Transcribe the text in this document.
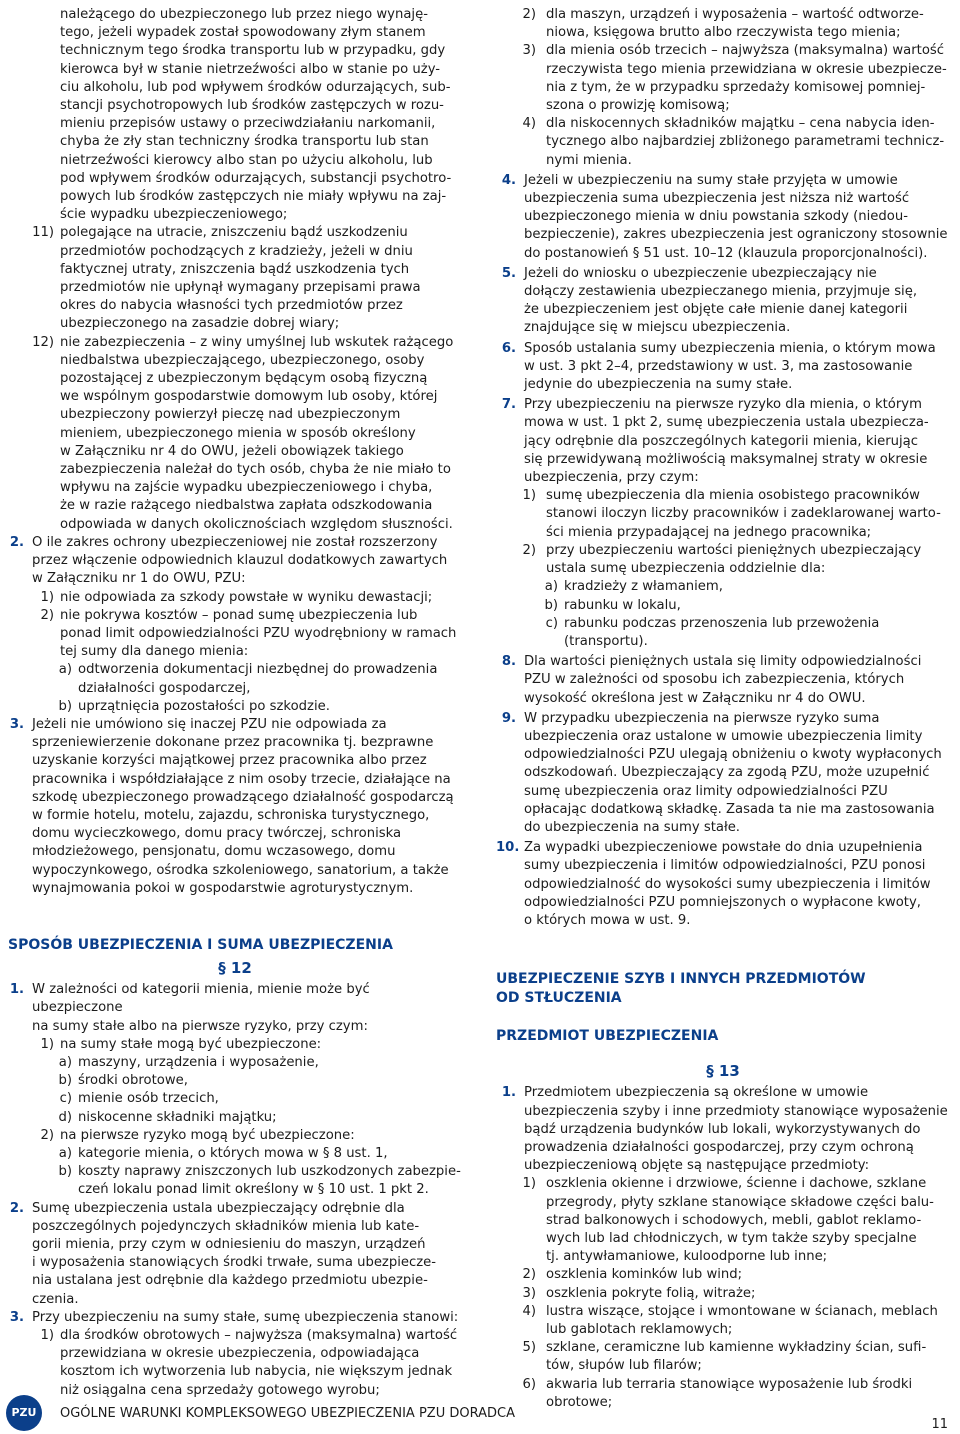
należącego do ubezpieczonego lub przez niego wynaję-
tego, jeżeli wypadek został spowodowany złym stanem
technicznym tego środka transportu lub w przypadku, gdy
kierowca był w stanie nietrzeźwości albo w stanie po uży-
ciu alkoholu, lub pod wpływem środków odurzających, sub-
stancji psychotropowych lub środków zastępczych w rozu-
mieniu przepisów ustawy o przeciwdziałaniu narkomanii,
chyba że zły stan techniczny środka transportu lub stan
nietrzeźwości kierowcy albo stan po użyciu alkoholu, lub
pod wpływem środków odurzających, substancji psychotro-
powych lub środków zastępczych nie miały wpływu na zaj-
ście wypadku ubezpieczeniowego;
11) polegające na utracie, zniszczeniu bądź uszkodzeniu
przedmiotów pochodzących z kradzieży, jeżeli w dniu
faktycznej utraty, zniszczenia bądź uszkodzenia tych
przedmiotów nie upłynął wymagany przepisami prawa
okres do nabycia własności tych przedmiotów przez
ubezpieczonego na zasadzie dobrej wiary;
12) nie zabezpieczenia – z winy umyślnej lub wskutek rażącego
niedbalstwa ubezpieczającego, ubezpieczonego, osoby
pozostającej z ubezpieczonym będącym osobą fizyczną
we wspólnym gospodarstwie domowym lub osoby, której
ubezpieczony powierzył pieczę nad ubezpieczonym
mieniem, ubezpieczonego mienia w sposób określony
w Załączniku nr 4 do OWU, jeżeli obowiązek takiego
zabezpieczenia należał do tych osób, chyba że nie miało to
wpływu na zajście wypadku ubezpieczeniowego i chyba,
że w razie rażącego niedbalstwa zapłata odszkodowania
odpowiada w danych okolicznościach względom słuszności.
2. O ile zakres ochrony ubezpieczeniowej nie został rozszerzony
przez włączenie odpowiednich klauzul dodatkowych zawartych
w Załączniku nr 1 do OWU, PZU:
1) nie odpowiada za szkody powstałe w wyniku dewastacji;
2) nie pokrywa kosztów – ponad sumę ubezpieczenia lub
ponad limit odpowiedzialności PZU wyodrębniony w ramach
tej sumy dla danego mienia:
a) odtworzenia dokumentacji niezbędnej do prowadzenia
działalności gospodarczej,
b) uprzątnięcia pozostałości po szkodzie.
3. Jeżeli nie umówiono się inaczej PZU nie odpowiada za
sprzeniewierzenie dokonane przez pracownika tj. bezprawne
uzyskanie korzyści majątkowej przez pracownika albo przez
pracownika i współdziałające z nim osoby trzecie, działające na
szkodę ubezpieczonego prowadzącego działalność gospodarczą
w formie hotelu, motelu, zajazdu, schroniska turystycznego,
domu wycieczkowego, domu pracy twórczej, schroniska
młodzieżowego, pensjonatu, domu wczasowego, domu
wypoczynkowego, ośrodka szkoleniowego, sanatorium, a także
wynajmowania pokoi w gospodarstwie agroturystycznym.
SPOSÓB UBEZPIECZENIA I SUMA UBEZPIECZENIA
§ 12
1. W zależności od kategorii mienia, mienie może być ubezpieczone
na sumy stałe albo na pierwsze ryzyko, przy czym:
1) na sumy stałe mogą być ubezpieczone:
a) maszyny, urządzenia i wyposażenie,
b) środki obrotowe,
c) mienie osób trzecich,
d) niskocenne składniki majątku;
2) na pierwsze ryzyko mogą być ubezpieczone:
a) kategorie mienia, o których mowa w § 8 ust. 1,
b) koszty naprawy zniszczonych lub uszkodzonych zabezpie-
czeń lokalu ponad limit określony w § 10 ust. 1 pkt 2.
2. Sumę ubezpieczenia ustala ubezpieczający odrębnie dla
poszczególnych pojedynczych składników mienia lub kate-
gorii mienia, przy czym w odniesieniu do maszyn, urządzeń
i wyposażenia stanowiących środki trwałe, suma ubezpiecze-
nia ustalana jest odrębnie dla każdego przedmiotu ubezpie-
czenia.
3. Przy ubezpieczeniu na sumy stałe, sumę ubezpieczenia stanowi:
1) dla środków obrotowych – najwyższa (maksymalna) wartość
przewidziana w okresie ubezpieczenia, odpowiadająca
kosztom ich wytworzenia lub nabycia, nie większym jednak
niż osiągalna cena sprzedaży gotowego wyrobu;
2) dla maszyn, urządzeń i wyposażenia – wartość odtworze-
niowa, księgowa brutto albo rzeczywista tego mienia;
3) dla mienia osób trzecich – najwyższa (maksymalna) wartość
rzeczywista tego mienia przewidziana w okresie ubezpiecze-
nia z tym, że w przypadku sprzedaży komisowej pomniej-
szona o prowizję komisową;
4) dla niskocennych składników majątku – cena nabycia iden-
tycznego albo najbardziej zbliżonego parametrami technicz-
nymi mienia.
4. Jeżeli w ubezpieczeniu na sumy stałe przyjęta w umowie
ubezpieczenia suma ubezpieczenia jest niższa niż wartość
ubezpieczonego mienia w dniu powstania szkody (niedou-
bezpieczenie), zakres ubezpieczenia jest ograniczony stosownie
do postanowień § 51 ust. 10–12 (klauzula proporcjonalności).
5. Jeżeli do wniosku o ubezpieczenie ubezpieczający nie
dołączy zestawienia ubezpieczanego mienia, przyjmuje się,
że ubezpieczeniem jest objęte całe mienie danej kategorii
znajdujące się w miejscu ubezpieczenia.
6. Sposób ustalania sumy ubezpieczenia mienia, o którym mowa
w ust. 3 pkt 2–4, przedstawiony w ust. 3, ma zastosowanie
jedynie do ubezpieczenia na sumy stałe.
7. Przy ubezpieczeniu na pierwsze ryzyko dla mienia, o którym
mowa w ust. 1 pkt 2, sumę ubezpieczenia ustala ubezpiecza-
jący odrębnie dla poszczególnych kategorii mienia, kierując
się przewidywaną możliwością maksymalnej straty w okresie
ubezpieczenia, przy czym:
1) sumę ubezpieczenia dla mienia osobistego pracowników
stanowi iloczyn liczby pracowników i zadeklarowanej warto-
ści mienia przypadającej na jednego pracownika;
2) przy ubezpieczeniu wartości pieniężnych ubezpieczający
ustala sumę ubezpieczenia oddzielnie dla:
a) kradzieży z włamaniem,
b) rabunku w lokalu,
c) rabunku podczas przenoszenia lub przewożenia
(transportu).
8. Dla wartości pieniężnych ustala się limity odpowiedzialności
PZU w zależności od sposobu ich zabezpieczenia, których
wysokość określona jest w Załączniku nr 4 do OWU.
9. W przypadku ubezpieczenia na pierwsze ryzyko suma
ubezpieczenia oraz ustalone w umowie ubezpieczenia limity
odpowiedzialności PZU ulegają obniżeniu o kwoty wypłaconych
odszkodowań. Ubezpieczający za zgodą PZU, może uzupełnić
sumę ubezpieczenia oraz limity odpowiedzialności PZU
opłacając dodatkową składkę. Zasada ta nie ma zastosowania
do ubezpieczenia na sumy stałe.
10. Za wypadki ubezpieczeniowe powstałe do dnia uzupełnienia
sumy ubezpieczenia i limitów odpowiedzialności, PZU ponosi
odpowiedzialność do wysokości sumy ubezpieczenia i limitów
odpowiedzialności PZU pomniejszonych o wypłacone kwoty,
o których mowa w ust. 9.
UBEZPIECZENIE SZYB I INNYCH PRZEDMIOTÓW
OD STŁUCZENIA
PRZEDMIOT UBEZPIECZENIA
§ 13
1. Przedmiotem ubezpieczenia są określone w umowie
ubezpieczenia szyby i inne przedmioty stanowiące wyposażenie
bądź urządzenia budynków lub lokali, wykorzystywanych do
prowadzenia działalności gospodarczej, przy czym ochroną
ubezpieczeniową objęte są następujące przedmioty:
1) oszklenia okienne i drzwiowe, ścienne i dachowe, szklane
przegrody, płyty szklane stanowiące składowe części balu-
strad balkonowych i schodowych, mebli, gablot reklamo-
wych lub lad chłodniczych, w tym także szyby specjalne
tj. antywłamaniowe, kuloodporne lub inne;
2) oszklenia kominków lub wind;
3) oszklenia pokryte folią, witraże;
4) lustra wiszące, stojące i wmontowane w ścianach, meblach
lub gablotach reklamowych;
5) szklane, ceramiczne lub kamienne wykładziny ścian, sufi-
tów, słupów lub filarów;
6) akwaria lub terraria stanowiące wyposażenie lub środki
obrotowe;
PZU OGÓLNE WARUNKI KOMPLEKSOWEGO UBEZPIECZENIA PZU DORADCA
11
